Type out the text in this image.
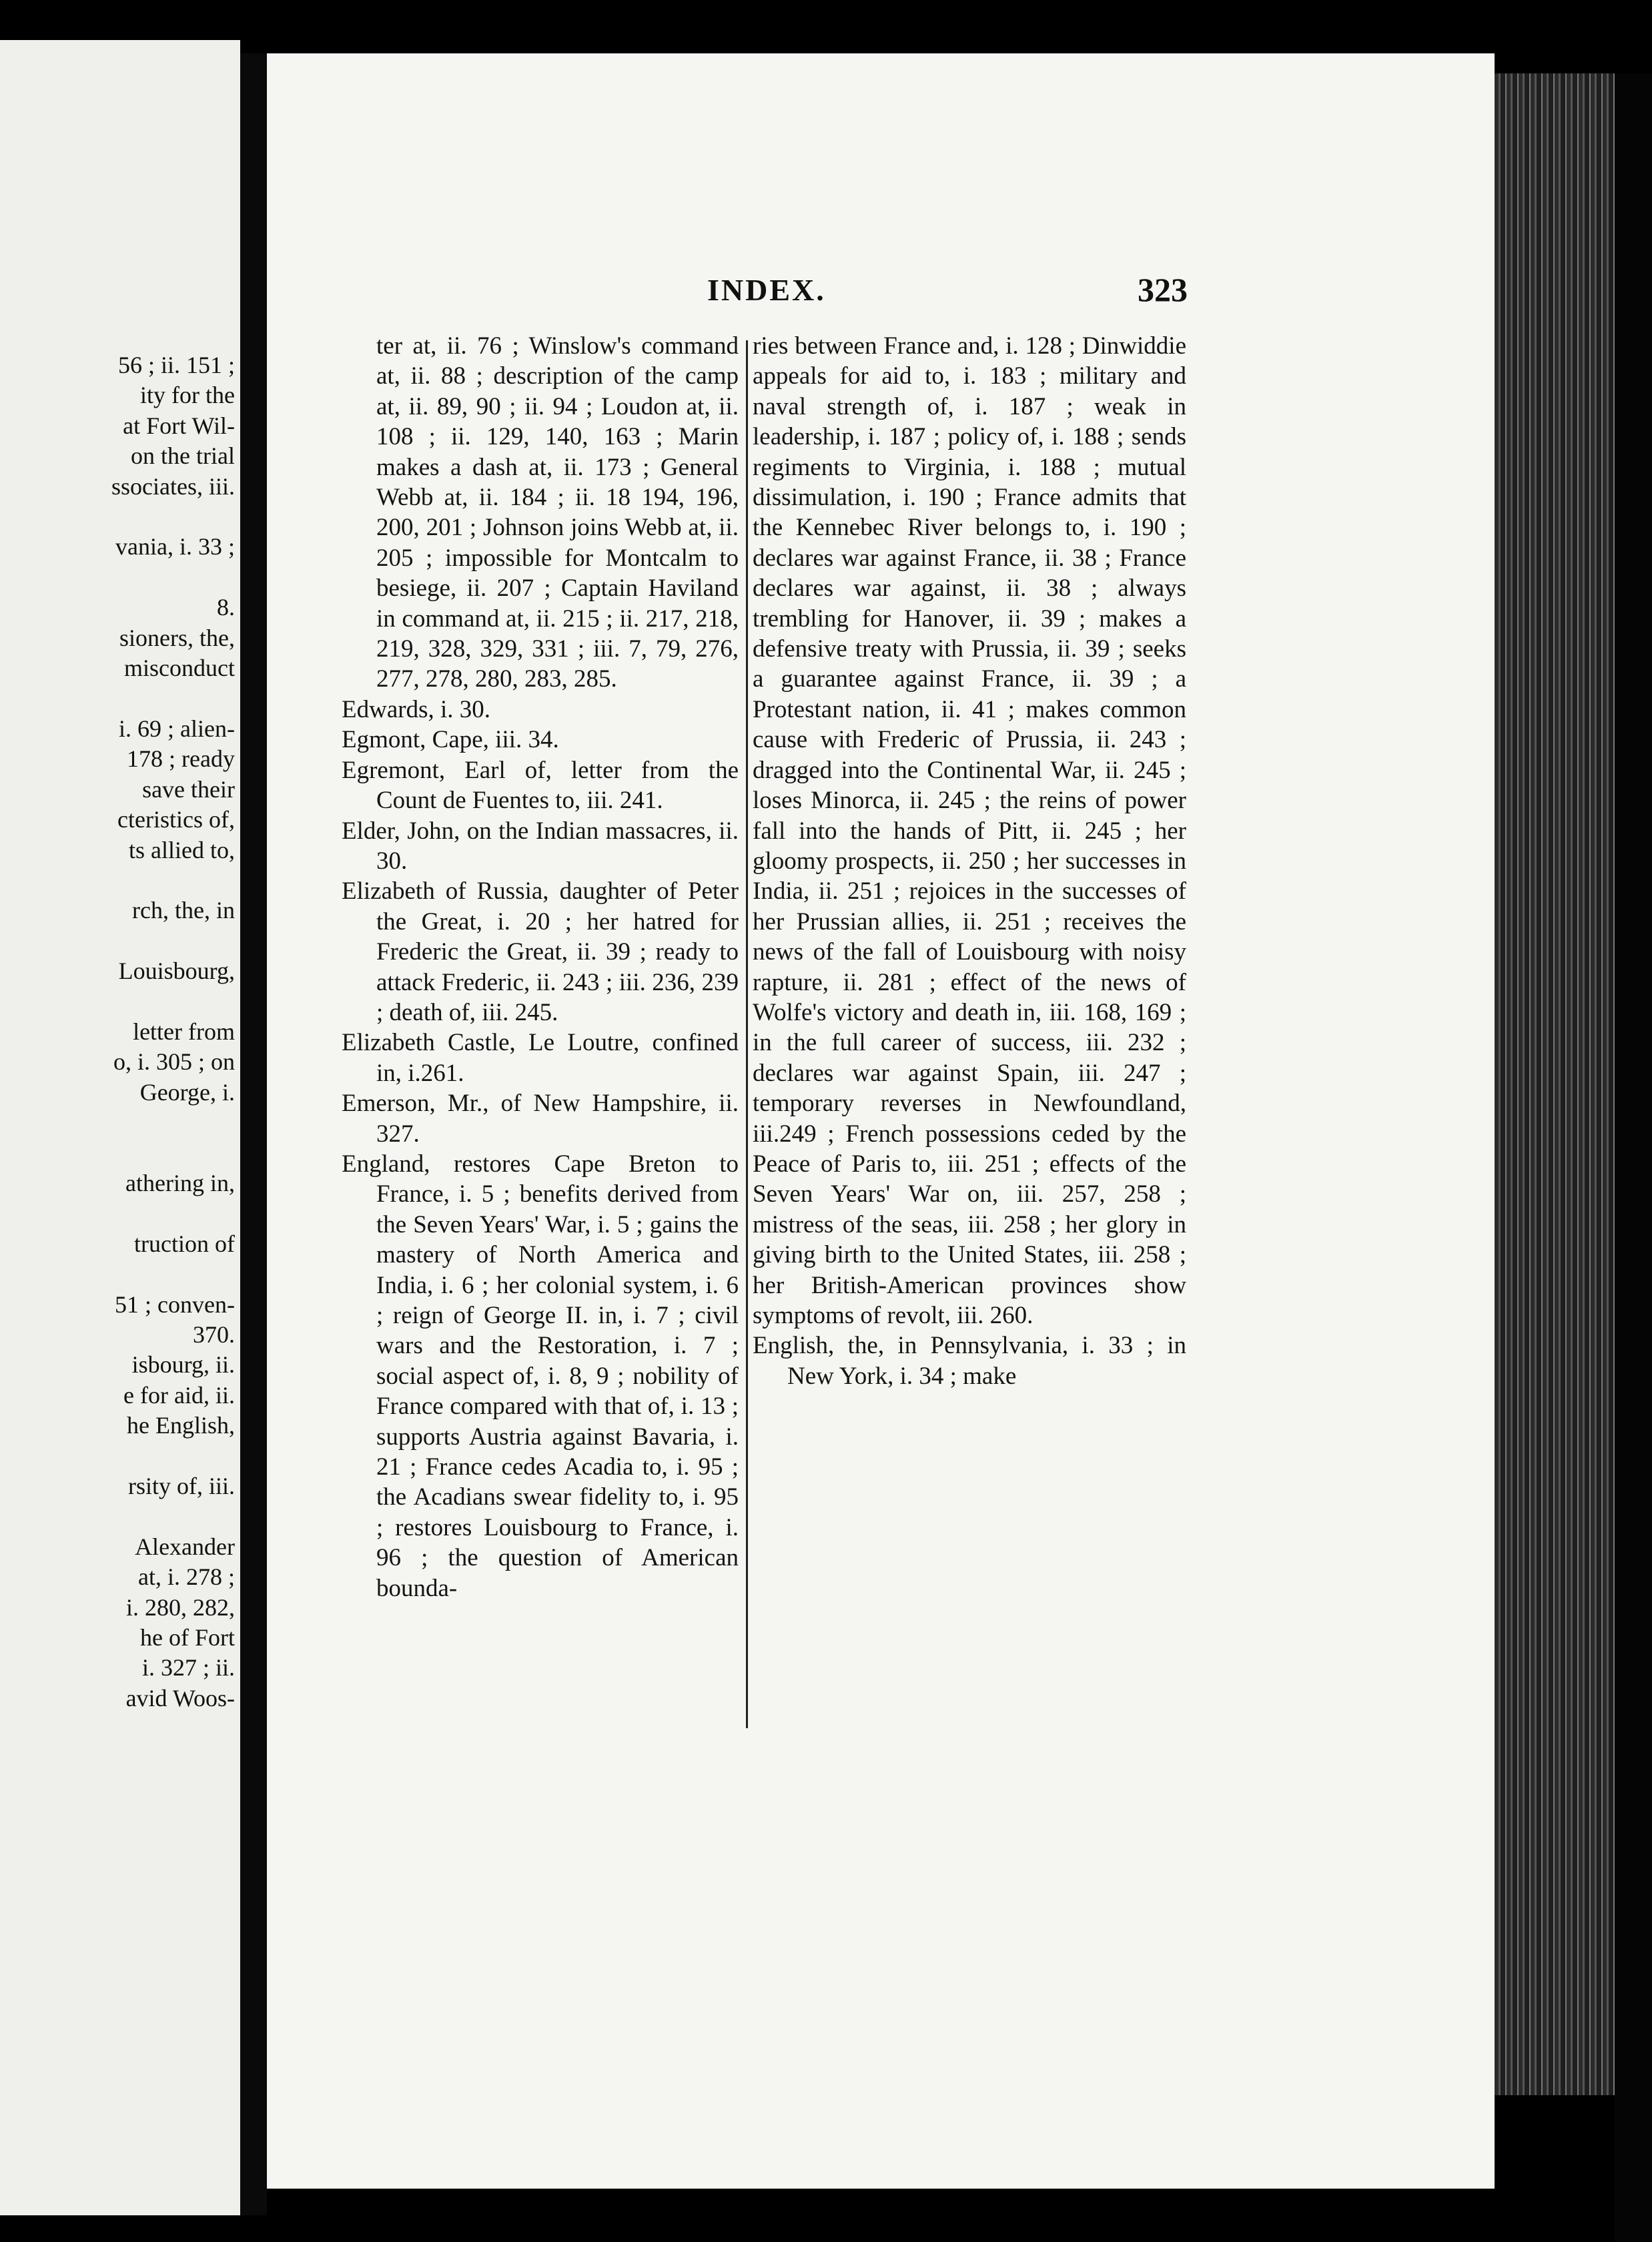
56 ; ii. 151 ;
ity for the
at Fort Wil-
on the trial
ssociates, iii.

vania, i. 33 ;

8.
sioners, the,
misconduct

i. 69 ; alien-
178 ; ready
save their
cteristics of,
ts allied to,

rch, the, in

Louisbourg,

letter from
o, i. 305 ; on
George, i.

athering in,

truction of

51 ; conven-
370.
isbourg, ii.
e for aid, ii.
he English,

rsity of, iii.

Alexander
at, i. 278 ;
i. 280, 282,
he of Fort
i. 327 ; ii.
avid Woos-
INDEX.	323

ter at, ii. 76 ; Winslow's command at, ii. 88 ; description of the camp at, ii. 89, 90 ; ii. 94 ; Loudon at, ii. 108 ; ii. 129, 140, 163 ; Marin makes a dash at, ii. 173 ; General Webb at, ii. 184 ; ii. 18 194, 196, 200, 201 ; Johnson joins Webb at, ii. 205 ; impossible for Montcalm to besiege, ii. 207 ; Captain Haviland in command at, ii. 215 ; ii. 217, 218, 219, 328, 329, 331 ; iii. 7, 79, 276, 277, 278, 280, 283, 285.

Edwards, i. 30.

Egmont, Cape, iii. 34.

Egremont, Earl of, letter from the Count de Fuentes to, iii. 241.

Elder, John, on the Indian massacres, ii. 30.

Elizabeth of Russia, daughter of Peter the Great, i. 20 ; her hatred for Frederic the Great, ii. 39 ; ready to attack Frederic, ii. 243 ; iii. 236, 239 ; death of, iii. 245.

Elizabeth Castle, Le Loutre, confined in, i.261.

Emerson, Mr., of New Hampshire, ii. 327.

England, restores Cape Breton to France, i. 5 ; benefits derived from the Seven Years' War, i. 5 ; gains the mastery of North America and India, i. 6 ; her colonial system, i. 6 ; reign of George II. in, i. 7 ; civil wars and the Restoration, i. 7 ; social aspect of, i. 8, 9 ; nobility of France compared with that of, i. 13 ; supports Austria against Bavaria, i. 21 ; France cedes Acadia to, i. 95 ; the Acadians swear fidelity to, i. 95 ; restores Louisbourg to France, i. 96 ; the question of American bounda-

ries between France and, i. 128 ; Dinwiddie appeals for aid to, i. 183 ; military and naval strength of, i. 187 ; weak in leadership, i. 187 ; policy of, i. 188 ; sends regiments to Virginia, i. 188 ; mutual dissimulation, i. 190 ; France admits that the Kennebec River belongs to, i. 190 ; declares war against France, ii. 38 ; France declares war against, ii. 38 ; always trembling for Hanover, ii. 39 ; makes a defensive treaty with Prussia, ii. 39 ; seeks a guarantee against France, ii. 39 ; a Protestant nation, ii. 41 ; makes common cause with Frederic of Prussia, ii. 243 ; dragged into the Continental War, ii. 245 ; loses Minorca, ii. 245 ; the reins of power fall into the hands of Pitt, ii. 245 ; her gloomy prospects, ii. 250 ; her successes in India, ii. 251 ; rejoices in the successes of her Prussian allies, ii. 251 ; receives the news of the fall of Louisbourg with noisy rapture, ii. 281 ; effect of the news of Wolfe's victory and death in, iii. 168, 169 ; in the full career of success, iii. 232 ; declares war against Spain, iii. 247 ; temporary reverses in Newfoundland, iii.249 ; French possessions ceded by the Peace of Paris to, iii. 251 ; effects of the Seven Years' War on, iii. 257, 258 ; mistress of the seas, iii. 258 ; her glory in giving birth to the United States, iii. 258 ; her British-American provinces show symptoms of revolt, iii. 260.

English, the, in Pennsylvania, i. 33 ; in New York, i. 34 ; make
